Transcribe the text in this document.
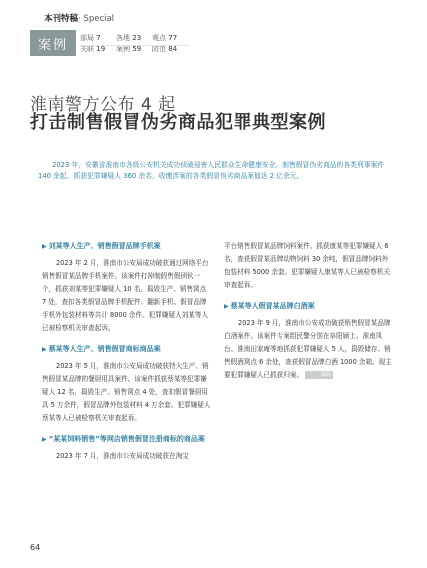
本刊特稿· Special
案例	部局 7
关联 19
各地 23
案例 59
观点 77
防范 84
淮南警方公布 4 起
打击制售假冒伪劣商品犯罪典型案例

2023 年，安徽省淮南市各级公安机关成功侦破侵害人民群众生命健康安全、制售假冒伪劣商品的各类刑事案件 140 余起，抓获犯罪嫌疑人 360 余名，收缴涉案的各类假冒伪劣商品案值达 2 亿余元。

▶ 刘某等人生产、销售假冒品牌手机案

2023 年 2 月，淮南市公安局成功破获通过网络平台销售假冒某品牌手机案件。该案件打掉制假售假团伙一个，抓获刘某等犯罪嫌疑人 10 名，捣毁生产、销售窝点 7 处，查扣各类假冒品牌手机配件、翻新手机、假冒品牌手机外包装材料等共计 8000 余件。犯罪嫌疑人刘某等人已被检察机关审查起诉。

▶ 蔡某等人生产、销售假冒商标商品案

2023 年 5 月，淮南市公安局成功破获特大生产、销售假冒某品牌的餐厨用具案件。该案件抓获蔡某等犯罪嫌疑人 12 名，捣毁生产、销售窝点 4 处，查扣假冒餐厨用具 5 万余件，假冒品牌外包装材料 4 万余套。犯罪嫌疑人蔡某等人已被检察机关审查起诉。

▶ “某某饲料销售”等网店销售假冒注册商标的商品案

2023 年 7 月，淮南市公安局成功破获在淘宝

平台销售假冒某品牌饲料案件。抓获康某等犯罪嫌疑人 6 名，查获假冒某品牌动物饲料 30 余吨，假冒品牌饲料外包装材料 5000 余套。犯罪嫌疑人康某等人已被检察机关审查起诉。

▶ 蔡某等人假冒某品牌白酒案

2023 年 9 月，淮南市公安成功破获销售假冒某品牌白酒案件。该案件专案组民警分别在阜阳颍上、淮南凤台、淮南田家庵等地抓获犯罪嫌疑人 5 人，捣毁储存、销售假酒窝点 6 余处，查获假冒品牌白酒 1000 余箱。现主要犯罪嫌疑人已抓获归案。	编辑

64
